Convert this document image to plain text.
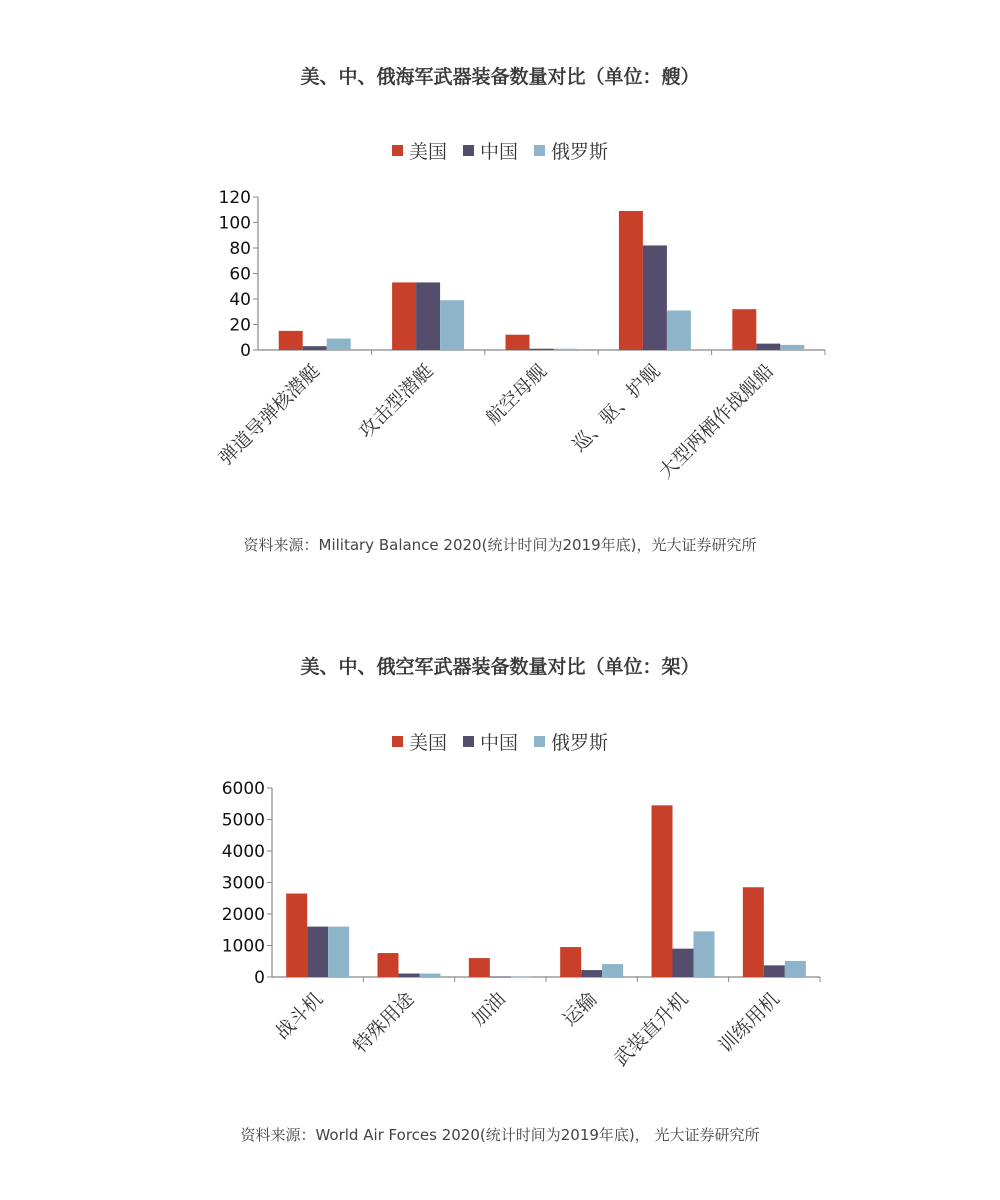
美、中、俄海军武器装备数量对比（单位：艘）
美国 中国 俄罗斯
0
20
40
60
80
100
120
弹道导弹核潜艇 攻击型潜艇 航空母舰 巡、驱、护舰
大型两栖作战舰船
资料来源：Military Balance 2020(统计时间为2019年底)，光大证券研究所
美、中、俄空军武器装备数量对比（单位：架）
美国 中国 俄罗斯
0
1000
2000
3000
4000
5000
6000
战斗机 特殊用途	加油	运输 武装直升机 训练用机
资料来源：World Air Forces 2020(统计时间为2019年底)， 光大证券研究所
